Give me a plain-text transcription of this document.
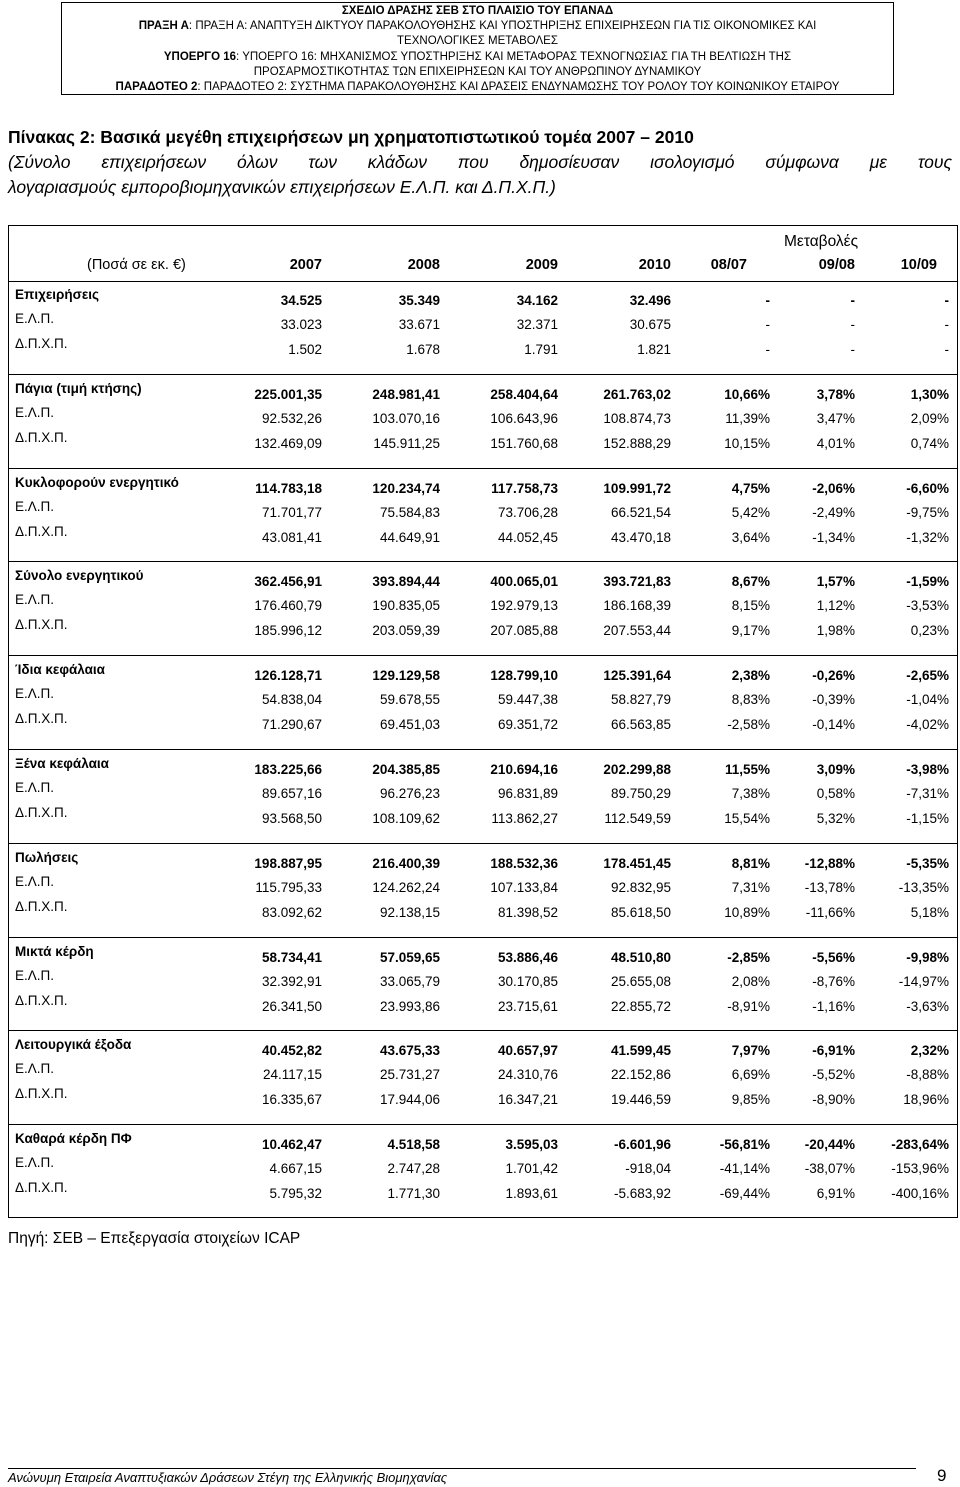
ΣΧΕΔΙΟ ΔΡΑΣΗΣ ΣΕΒ ΣΤΟ ΠΛΑΙΣΙΟ ΤΟΥ ΕΠΑΝΑΔ
ΠΡΑΞΗ Α: ΠΡΑΞΗ Α: ΑΝΑΠΤΥΞΗ ΔΙΚΤΥΟΥ ΠΑΡΑΚΟΛΟΥΘΗΣΗΣ ΚΑΙ ΥΠΟΣΤΗΡΙΞΗΣ ΕΠΙΧΕΙΡΗΣΕΩΝ ΓΙΑ ΤΙΣ ΟΙΚΟΝΟΜΙΚΕΣ ΚΑΙ
ΤΕΧΝΟΛΟΓΙΚΕΣ ΜΕΤΑΒΟΛΕΣ
ΥΠΟΕΡΓΟ 16: ΥΠΟΕΡΓΟ 16: ΜΗΧΑΝΙΣΜΟΣ ΥΠΟΣΤΗΡΙΞΗΣ ΚΑΙ ΜΕΤΑΦΟΡΑΣ ΤΕΧΝΟΓΝΩΣΙΑΣ ΓΙΑ ΤΗ ΒΕΛΤΙΩΣΗ ΤΗΣ
ΠΡΟΣΑΡΜΟΣΤΙΚΟΤΗΤΑΣ ΤΩΝ ΕΠΙΧΕΙΡΗΣΕΩΝ ΚΑΙ ΤΟΥ ΑΝΘΡΩΠΙΝΟΥ ΔΥΝΑΜΙΚΟΥ
ΠΑΡΑΔΟΤΕΟ 2: ΠΑΡΑΔΟΤΕΟ 2: ΣΥΣΤΗΜΑ ΠΑΡΑΚΟΛΟΥΘΗΣΗΣ ΚΑΙ ΔΡΑΣΕΙΣ ΕΝΔΥΝΑΜΩΣΗΣ ΤΟΥ ΡΟΛΟΥ ΤΟΥ ΚΟΙΝΩΝΙΚΟΥ ΕΤΑΙΡΟΥ
Πίνακας 2: Βασικά μεγέθη επιχειρήσεων μη χρηματοπιστωτικού τομέα 2007 – 2010
(Σύνολο επιχειρήσεων όλων των κλάδων που δημοσίευσαν ισολογισμό σύμφωνα με τους
λογαριασμούς εμποροβιομηχανικών επιχειρήσεων Ε.Λ.Π. και Δ.Π.Χ.Π.)
Μεταβολές
(Ποσά σε εκ. €)	2007	2008	2009	2010	08/07	09/08	10/09
Επιχειρήσεις	34.525	35.349	34.162	32.496	-	-	-
Ε.Λ.Π.	33.023	33.671	32.371	30.675	-	-	-
Δ.Π.Χ.Π.	1.502	1.678	1.791	1.821	-	-	-
Πάγια (τιμή κτήσης)	225.001,35	248.981,41	258.404,64	261.763,02	10,66%	3,78%	1,30%
Ε.Λ.Π.	92.532,26	103.070,16	106.643,96	108.874,73	11,39%	3,47%	2,09%
Δ.Π.Χ.Π.	132.469,09	145.911,25	151.760,68	152.888,29	10,15%	4,01%	0,74%
Κυκλοφορούν ενεργητικό	114.783,18	120.234,74	117.758,73	109.991,72	4,75%	-2,06%	-6,60%
Ε.Λ.Π.	71.701,77	75.584,83	73.706,28	66.521,54	5,42%	-2,49%	-9,75%
Δ.Π.Χ.Π.	43.081,41	44.649,91	44.052,45	43.470,18	3,64%	-1,34%	-1,32%
Σύνολο ενεργητικού	362.456,91	393.894,44	400.065,01	393.721,83	8,67%	1,57%	-1,59%
Ε.Λ.Π.	176.460,79	190.835,05	192.979,13	186.168,39	8,15%	1,12%	-3,53%
Δ.Π.Χ.Π.	185.996,12	203.059,39	207.085,88	207.553,44	9,17%	1,98%	0,23%
Ίδια κεφάλαια	126.128,71	129.129,58	128.799,10	125.391,64	2,38%	-0,26%	-2,65%
Ε.Λ.Π.	54.838,04	59.678,55	59.447,38	58.827,79	8,83%	-0,39%	-1,04%
Δ.Π.Χ.Π.	71.290,67	69.451,03	69.351,72	66.563,85	-2,58%	-0,14%	-4,02%
Ξένα κεφάλαια	183.225,66	204.385,85	210.694,16	202.299,88	11,55%	3,09%	-3,98%
Ε.Λ.Π.	89.657,16	96.276,23	96.831,89	89.750,29	7,38%	0,58%	-7,31%
Δ.Π.Χ.Π.	93.568,50	108.109,62	113.862,27	112.549,59	15,54%	5,32%	-1,15%
Πωλήσεις	198.887,95	216.400,39	188.532,36	178.451,45	8,81%	-12,88%	-5,35%
Ε.Λ.Π.	115.795,33	124.262,24	107.133,84	92.832,95	7,31%	-13,78%	-13,35%
Δ.Π.Χ.Π.	83.092,62	92.138,15	81.398,52	85.618,50	10,89%	-11,66%	5,18%
Μικτά κέρδη	58.734,41	57.059,65	53.886,46	48.510,80	-2,85%	-5,56%	-9,98%
Ε.Λ.Π.	32.392,91	33.065,79	30.170,85	25.655,08	2,08%	-8,76%	-14,97%
Δ.Π.Χ.Π.	26.341,50	23.993,86	23.715,61	22.855,72	-8,91%	-1,16%	-3,63%
Λειτουργικά έξοδα	40.452,82	43.675,33	40.657,97	41.599,45	7,97%	-6,91%	2,32%
Ε.Λ.Π.	24.117,15	25.731,27	24.310,76	22.152,86	6,69%	-5,52%	-8,88%
Δ.Π.Χ.Π.	16.335,67	17.944,06	16.347,21	19.446,59	9,85%	-8,90%	18,96%
Καθαρά κέρδη ΠΦ	10.462,47	4.518,58	3.595,03	-6.601,96	-56,81%	-20,44%	-283,64%
Ε.Λ.Π.	4.667,15	2.747,28	1.701,42	-918,04	-41,14%	-38,07%	-153,96%
Δ.Π.Χ.Π.	5.795,32	1.771,30	1.893,61	-5.683,92	-69,44%	6,91%	-400,16%
Πηγή: ΣΕΒ – Επεξεργασία στοιχείων ICAP
Ανώνυμη Εταιρεία Αναπτυξιακών Δράσεων Στέγη της Ελληνικής Βιομηχανίας	9
